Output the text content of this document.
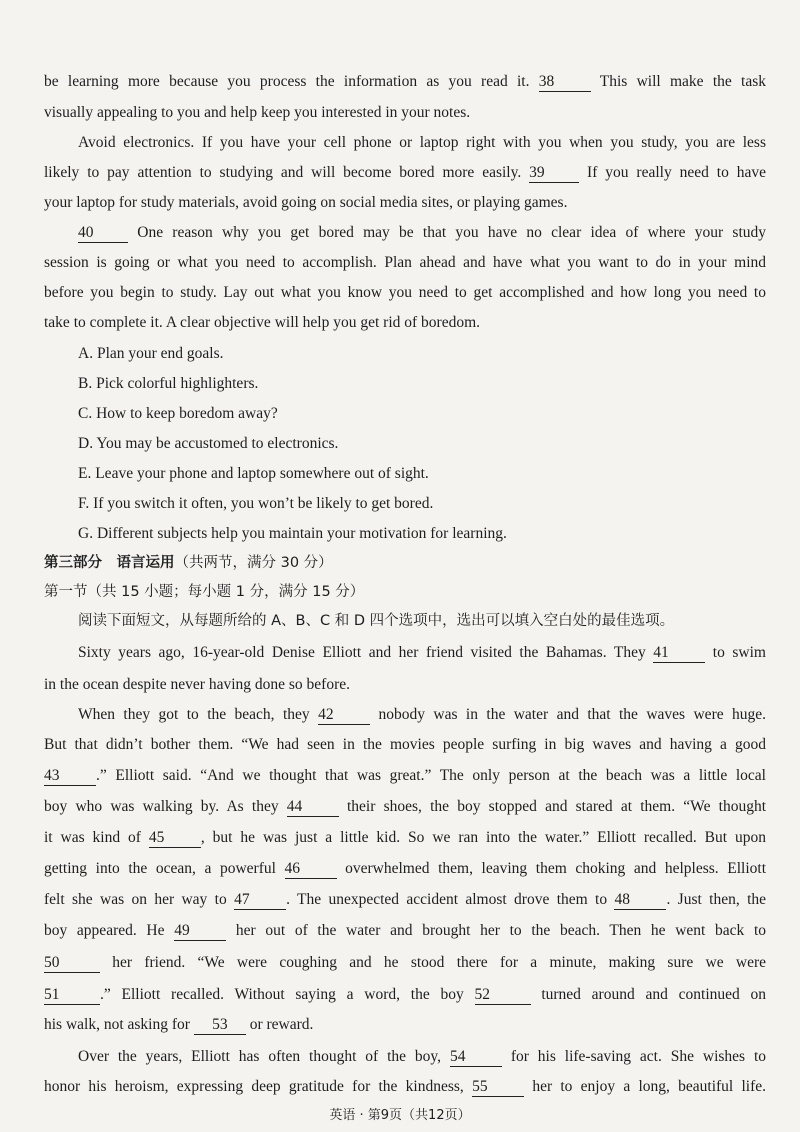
be learning more because you process the information as you read it. 38	This will make the task
visually appealing to you and help keep you interested in your notes.
Avoid electronics. If you have your cell phone or laptop right with you when you study, you are less
likely to pay attention to studying and will become bored more easily. 39	If you really need to have
your laptop for study materials, avoid going on social media sites, or playing games.
40	One reason why you get bored may be that you have no clear idea of where your study
session is going or what you need to accomplish. Plan ahead and have what you want to do in your mind
before you begin to study. Lay out what you know you need to get accomplished and how long you need to
take to complete it. A clear objective will help you get rid of boredom.
A. Plan your end goals.
B. Pick colorful highlighters.
C. How to keep boredom away?
D. You may be accustomed to electronics.
E. Leave your phone and laptop somewhere out of sight.
F. If you switch it often, you won’t be likely to get bored.
G. Different subjects help you maintain your motivation for learning.
第三部分　语言运用（共两节，满分 30 分）
第一节（共 15 小题；每小题 1 分，满分 15 分）
阅读下面短文，从每题所给的 A、B、C 和 D 四个选项中，选出可以填入空白处的最佳选项。
Sixty years ago, 16-year-old Denise Elliott and her friend visited the Bahamas. They 41	to swim
in the ocean despite never having done so before.
When they got to the beach, they 42	nobody was in the water and that the waves were huge.
But that didn’t bother them. “We had seen in the movies people surfing in big waves and having a good
43 .” Elliott said. “And we thought that was great.” The only person at the beach was a little local
boy who was walking by. As they 44	their shoes, the boy stopped and stared at them. “We thought
it was kind of 45 , but he was just a little kid. So we ran into the water.” Elliott recalled. But upon
getting into the ocean, a powerful 46	overwhelmed them, leaving them choking and helpless. Elliott
felt she was on her way to 47 . The unexpected accident almost drove them to 48 . Just then, the
boy appeared. He 49	her out of the water and brought her to the beach. Then he went back to
50	her friend. “We were coughing and he stood there for a minute, making sure we were
51	.” Elliott recalled. Without saying a word, the boy 52	turned around and continued on
his walk, not asking for 53 or reward.
Over the years, Elliott has often thought of the boy, 54	for his life-saving act. She wishes to
honor his heroism, expressing deep gratitude for the kindness, 55	her to enjoy a long, beautiful life.
英语 · 第9页（共12页）
